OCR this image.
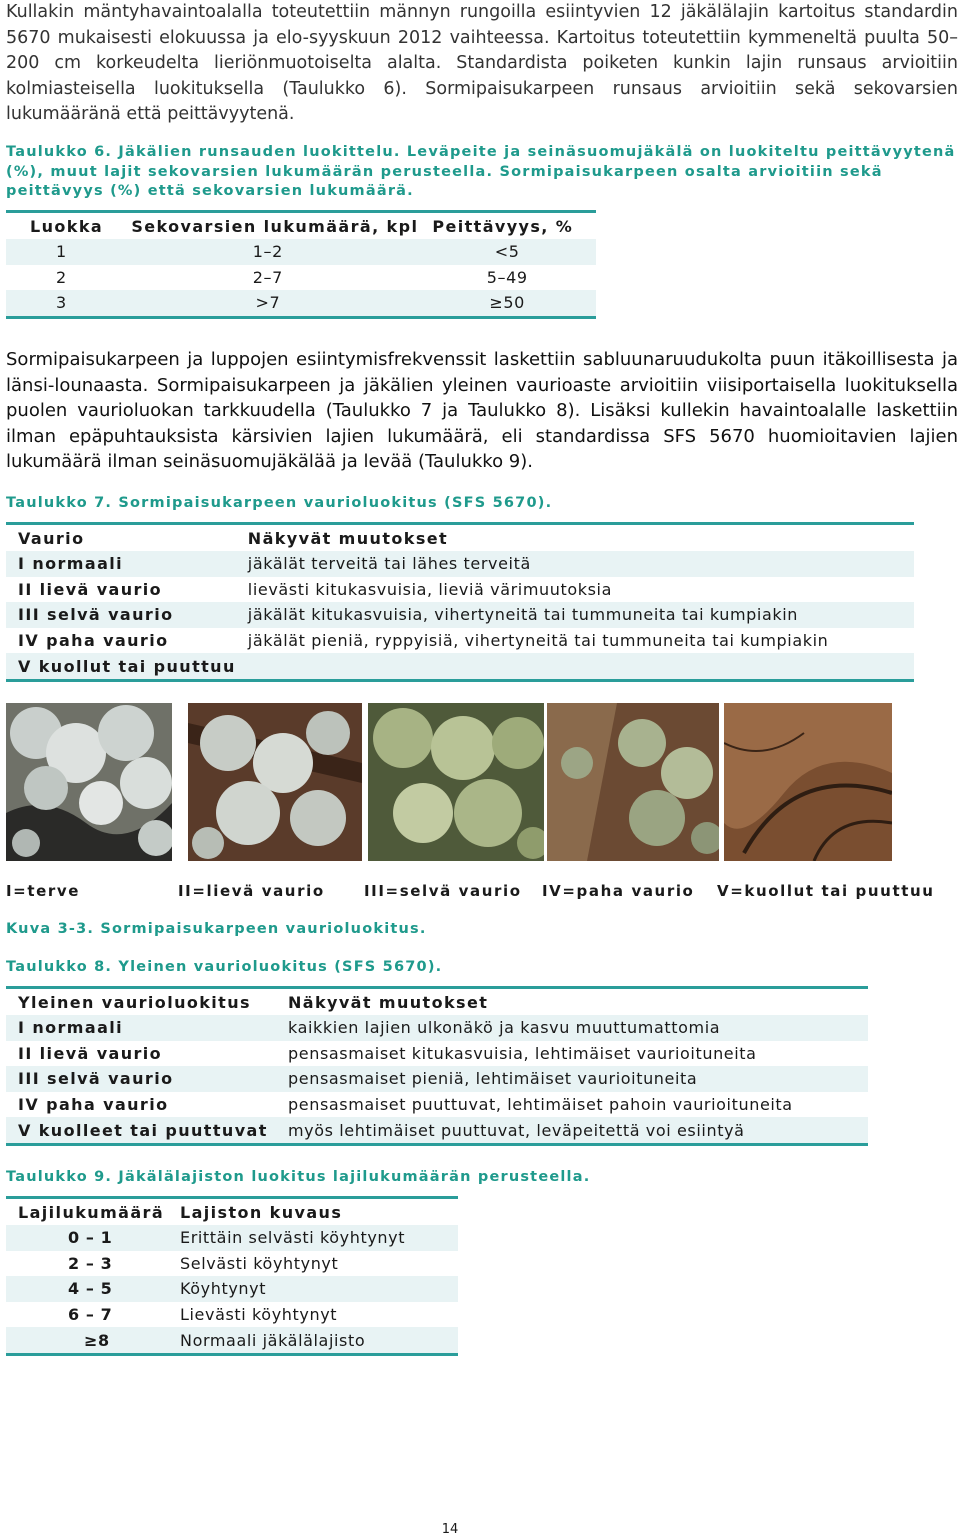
Kullakin mäntyhavaintoalalla toteutettiin männyn rungoilla esiintyvien 12 jäkälälajin kartoitus standardin 5670 mukaisesti elokuussa ja elo-syyskuun 2012 vaihteessa. Kartoitus toteutettiin kymmeneltä puulta 50–200 cm korkeudelta lieriönmuotoiselta alalta. Standardista poiketen kunkin lajin runsaus arvioitiin kolmiasteisella luokituksella (Taulukko 6). Sormipaisukarpeen runsaus arvioitiin sekä sekovarsien lukumääränä että peittävyytenä.

Taulukko 6. Jäkälien runsauden luokittelu. Leväpeite ja seinäsuomujäkälä on luokiteltu peittävyytenä (%), muut lajit sekovarsien lukumäärän perusteella. Sormipaisukarpeen osalta arvioitiin sekä peittävyys (%) että sekovarsien lukumäärä.

Luokka	Sekovarsien lukumäärä, kpl	Peittävyys, %
1	1–2	<5
2	2–7	5–49
3	>7	≥50

Sormipaisukarpeen ja luppojen esiintymisfrekvenssit laskettiin sabluunaruudukolta puun itäkoillisesta ja länsi-lounaasta. Sormipaisukarpeen ja jäkälien yleinen vaurioaste arvioitiin viisiportaisella luokituksella puolen vaurioluokan tarkkuudella (Taulukko 7 ja Taulukko 8). Lisäksi kullekin havaintoalalle laskettiin ilman epäpuhtauksista kärsivien lajien lukumäärä, eli standardissa SFS 5670 huomioitavien lajien lukumäärä ilman seinäsuomujäkälää ja levää (Taulukko 9).

Taulukko 7. Sormipaisukarpeen vaurioluokitus (SFS 5670).

Vaurio	Näkyvät muutokset
I normaali	jäkälät terveitä tai lähes terveitä
II lievä vaurio	lievästi kitukasvuisia, lieviä värimuutoksia
III selvä vaurio	jäkälät kitukasvuisia, vihertyneitä tai tummuneita tai kumpiakin
IV paha vaurio	jäkälät pieniä, ryppyisiä, vihertyneitä tai tummuneita tai kumpiakin
V kuollut tai puuttuu	
I=terve	II=lievä vaurio	III=selvä vaurio IV=paha vaurio V=kuollut tai puuttuu

Kuva 3-3. Sormipaisukarpeen vaurioluokitus.

Taulukko 8. Yleinen vaurioluokitus (SFS 5670).

Yleinen vaurioluokitus	Näkyvät muutokset
I normaali	kaikkien lajien ulkonäkö ja kasvu muuttumattomia
II lievä vaurio	pensasmaiset kitukasvuisia, lehtimäiset vaurioituneita
III selvä vaurio	pensasmaiset pieniä, lehtimäiset vaurioituneita
IV paha vaurio	pensasmaiset puuttuvat, lehtimäiset pahoin vaurioituneita
V kuolleet tai puuttuvat	myös lehtimäiset puuttuvat, leväpeitettä voi esiintyä

Taulukko 9. Jäkälälajiston luokitus lajilukumäärän perusteella.

Lajilukumäärä	Lajiston kuvaus
0 – 1	Erittäin selvästi köyhtynyt
2 – 3	Selvästi köyhtynyt
4 – 5	Köyhtynyt
6 – 7	Lievästi köyhtynyt
≥8	Normaali jäkälälajisto
14
